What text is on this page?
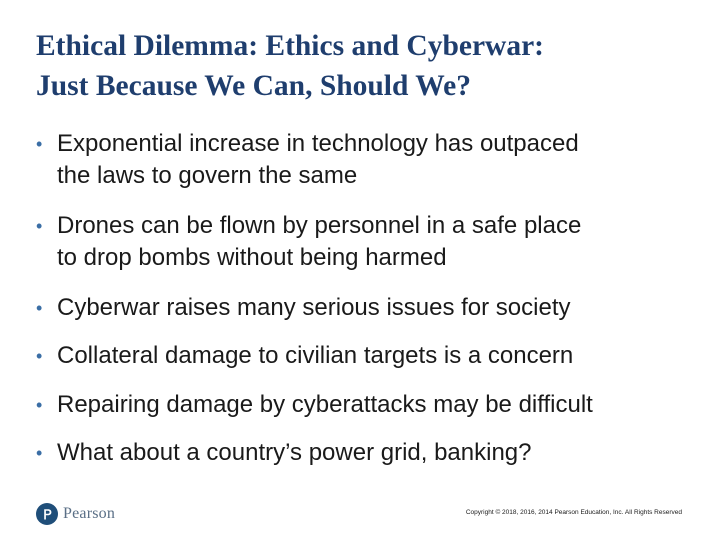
Ethical Dilemma: Ethics and Cyberwar:
Just Because We Can, Should We?
• Exponential increase in technology has outpaced
the laws to govern the same
• Drones can be flown by personnel in a safe place
to drop bombs without being harmed
• Cyberwar raises many serious issues for society
• Collateral damage to civilian targets is a concern
• Repairing damage by cyberattacks may be difficult
• What about a country’s power grid, banking?
Pearson	Copyright © 2018, 2016, 2014 Pearson Education, Inc. All Rights Reserved
